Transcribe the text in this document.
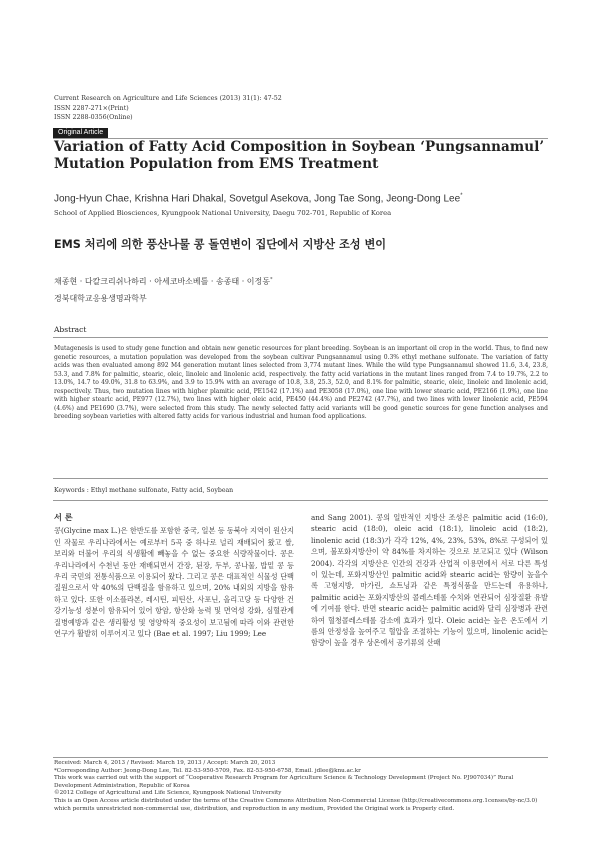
Current Research on Agriculture and Life Sciences (2013) 31(1): 47-52
ISSN 2287-271×(Print)
ISSN 2288-0356(Online)
Original Article
Variation of Fatty Acid Composition in Soybean ‘Pungsannamul’ Mutation Population from EMS Treatment
Jong-Hyun Chae, Krishna Hari Dhakal, Sovetgul Asekova, Jong Tae Song, Jeong-Dong Lee*
School of Applied Biosciences, Kyungpook National University, Daegu 702-701, Republic of Korea
EMS 처리에 의한 풍산나물 콩 돌연변이 집단에서 지방산 조성 변이
채종현 · 다칼크리쉬나하리 · 아세코바소베틀 · 송종태 · 이정동*
경북대학교응용생명과학부
Abstract
Mutagenesis is used to study gene function and obtain new genetic resources for plant breeding. Soybean is an important oil crop in the world. Thus, to find new genetic resources, a mutation population was developed from the soybean cultivar Pungsannamul using 0.3% ethyl methane sulfonate. The variation of fatty acids was then evaluated among 892 M4 generation mutant lines selected from 3,774 mutant lines. While the wild type Pungsannamul showed 11.6, 3.4, 23.8, 53.3, and 7.8% for palmitic, stearic, oleic, linoleic and linolenic acid, respectively. the fatty acid variations in the mutant lines ranged from 7.4 to 19.7%, 2.2 to 13.0%, 14.7 to 49.0%, 31.8 to 63.9%, and 3.9 to 15.9% with an average of 10.8, 3.8, 25.3, 52.0, and 8.1% for palmitic, stearic, oleic, linoleic and linolenic acid, respectively. Thus, two mutation lines with higher plamitic acid, PE1542 (17.1%) and PE3058 (17.0%), one line with lower stearic acid, PE2166 (1.9%), one line with higher stearic acid, PE977 (12.7%), two lines with higher oleic acid, PE450 (44.4%) and PE2742 (47.7%), and two lines with lower linolenic acid, PE594 (4.6%) and PE1690 (3.7%), were selected from this study. The newly selected fatty acid variants will be good genetic sources for gene function analyses and breeding soybean varieties with altered fatty acids for various industrial and human food applications.
Keywords : Ethyl methane sulfonate, Fatty acid, Soybean
서 론
콩(Glycine max L.)은 한반도를 포함한 중국, 일본 등 동북아 지역이 원산지인 작물로 우리나라에서는 예로부터 5곡 중 하나로 널리 재배되어 왔고 쌀, 보리와 더불어 우리의 식생활에 빼놓을 수 없는 중요한 식량작물이다. 콩은 우리나라에서 수천년 동안 재배되면서 간장, 된장, 두부, 콩나물, 밥밑 콩 등 우리 국민의 전통식품으로 이용되어 왔다. 그리고 콩은 대표적인 식물성 단백질원으로서 약 40%의 단백질을 함유하고 있으며, 20% 내외의 지방을 함유하고 있다. 또한 이소플라본, 레시틴, 피틴산, 사포닌, 올리고당 등 다양한 건강기능성 성분이 함유되어 있어 항암, 항산화 능력 및 면역성 강화, 심혈관계 질병예방과 같은 생리활성 및 영양학적 중요성이 보고됨에 따라 이와 관련한 연구가 활발히 이루어지고 있다 (Bae et al. 1997; Liu 1999; Lee
and Sang 2001). 콩의 일반적인 지방산 조성은 palmitic acid (16:0), stearic acid (18:0), oleic acid (18:1), linoleic acid (18:2), linolenic acid (18:3)가 각각 12%, 4%, 23%, 53%, 8%로 구성되어 있으며, 불포화지방산이 약 84%를 차지하는 것으로 보고되고 있다 (Wilson 2004). 각각의 지방산은 인간의 건강과 산업적 이용면에서 서로 다른 특성이 있는데, 포화지방산인 palmitic acid와 stearic acid는 함량이 높을수록 고형지방, 마가린, 쇼트닝과 같은 특정식품을 만드는데 유용하나, palmitic acid는 포화지방산의 콜레스테롤 수치와 연관되어 심장질환 유발에 기여를 한다. 반면 stearic acid는 palmitic acid와 달리 심장병과 관련하여 혈청콜레스테롤 감소에 효과가 있다. Oleic acid는 높은 온도에서 기름의 안정성을 높여주고 혈압을 조절하는 기능이 있으며, linolenic acid는 함량이 높을 경우 상온에서 공기류의 산패

Received: March 4, 2013 / Revised: March 19, 2013 / Accept: March 20, 2013

*Corresponding Author: Jeong-Dong Lee, Tel. 82-53-950-5709, Fax. 82-53-950-6758, Email. jdlee@knu.ac.kr

This work was carried out with the support of “Cooperative Research Program for Agriculture Science & Technology Development (Project No. PJ907034)” Rural Development Administration, Republic of Korea

©2012 College of Agricultural and Life Science, Kyungpook National University

This is an Open Access article distributed under the terms of the Creative Commons Attribution Non-Commercial License (http://creativecommons.org.1censes/by-nc/3.0) which permits unrestricted non-commercial use, distribution, and reproduction in any medium, Provided the Original work is Properly cited.
